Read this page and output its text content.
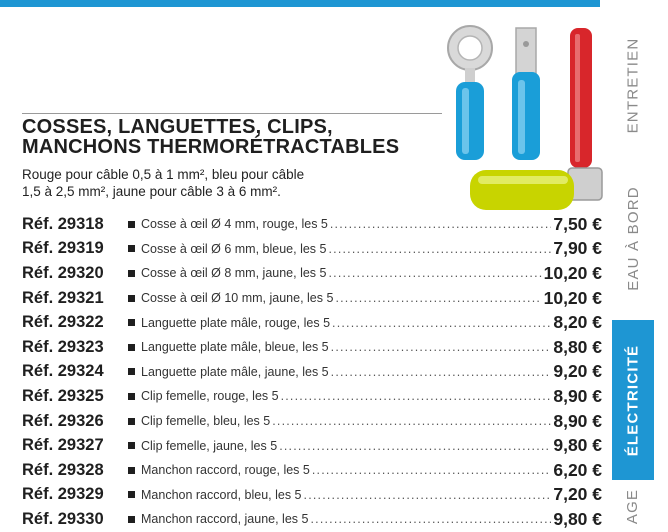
COSSES, LANGUETTES, CLIPS,
MANCHONS THERMORÉTRACTABLES
Rouge pour câble 0,5 à 1 mm², bleu pour câble
1,5 à 2,5 mm², jaune pour câble 3 à 6 mm².
Réf. 29318	Cosse à œil Ø 4 mm, rouge, les 5 .....	7,50 €
Réf. 29319	Cosse à œil Ø 6 mm, bleue, les 5 .....	7,90 €
Réf. 29320	Cosse à œil Ø 8 mm, jaune, les 5 .....	10,20 €
Réf. 29321	Cosse à œil Ø 10 mm, jaune, les 5 .....	10,20 €
Réf. 29322	Languette plate mâle, rouge, les 5 .....	8,20 €
Réf. 29323	Languette plate mâle, bleue, les 5 .....	8,80 €
Réf. 29324	Languette plate mâle, jaune, les 5 .....	9,20 €
Réf. 29325	Clip femelle, rouge, les 5 .....	8,90 €
Réf. 29326	Clip femelle, bleu, les 5 .....	8,90 €
Réf. 29327	Clip femelle, jaune, les 5 .....	9,80 €
Réf. 29328	Manchon raccord, rouge, les 5 .....	6,20 €
Réf. 29329	Manchon raccord, bleu, les 5 .....	7,20 €
Réf. 29330	Manchon raccord, jaune, les 5 .....	9,80 €
ENTRETIEN
EAU À BORD
ÉLECTRICITÉ
AGE
